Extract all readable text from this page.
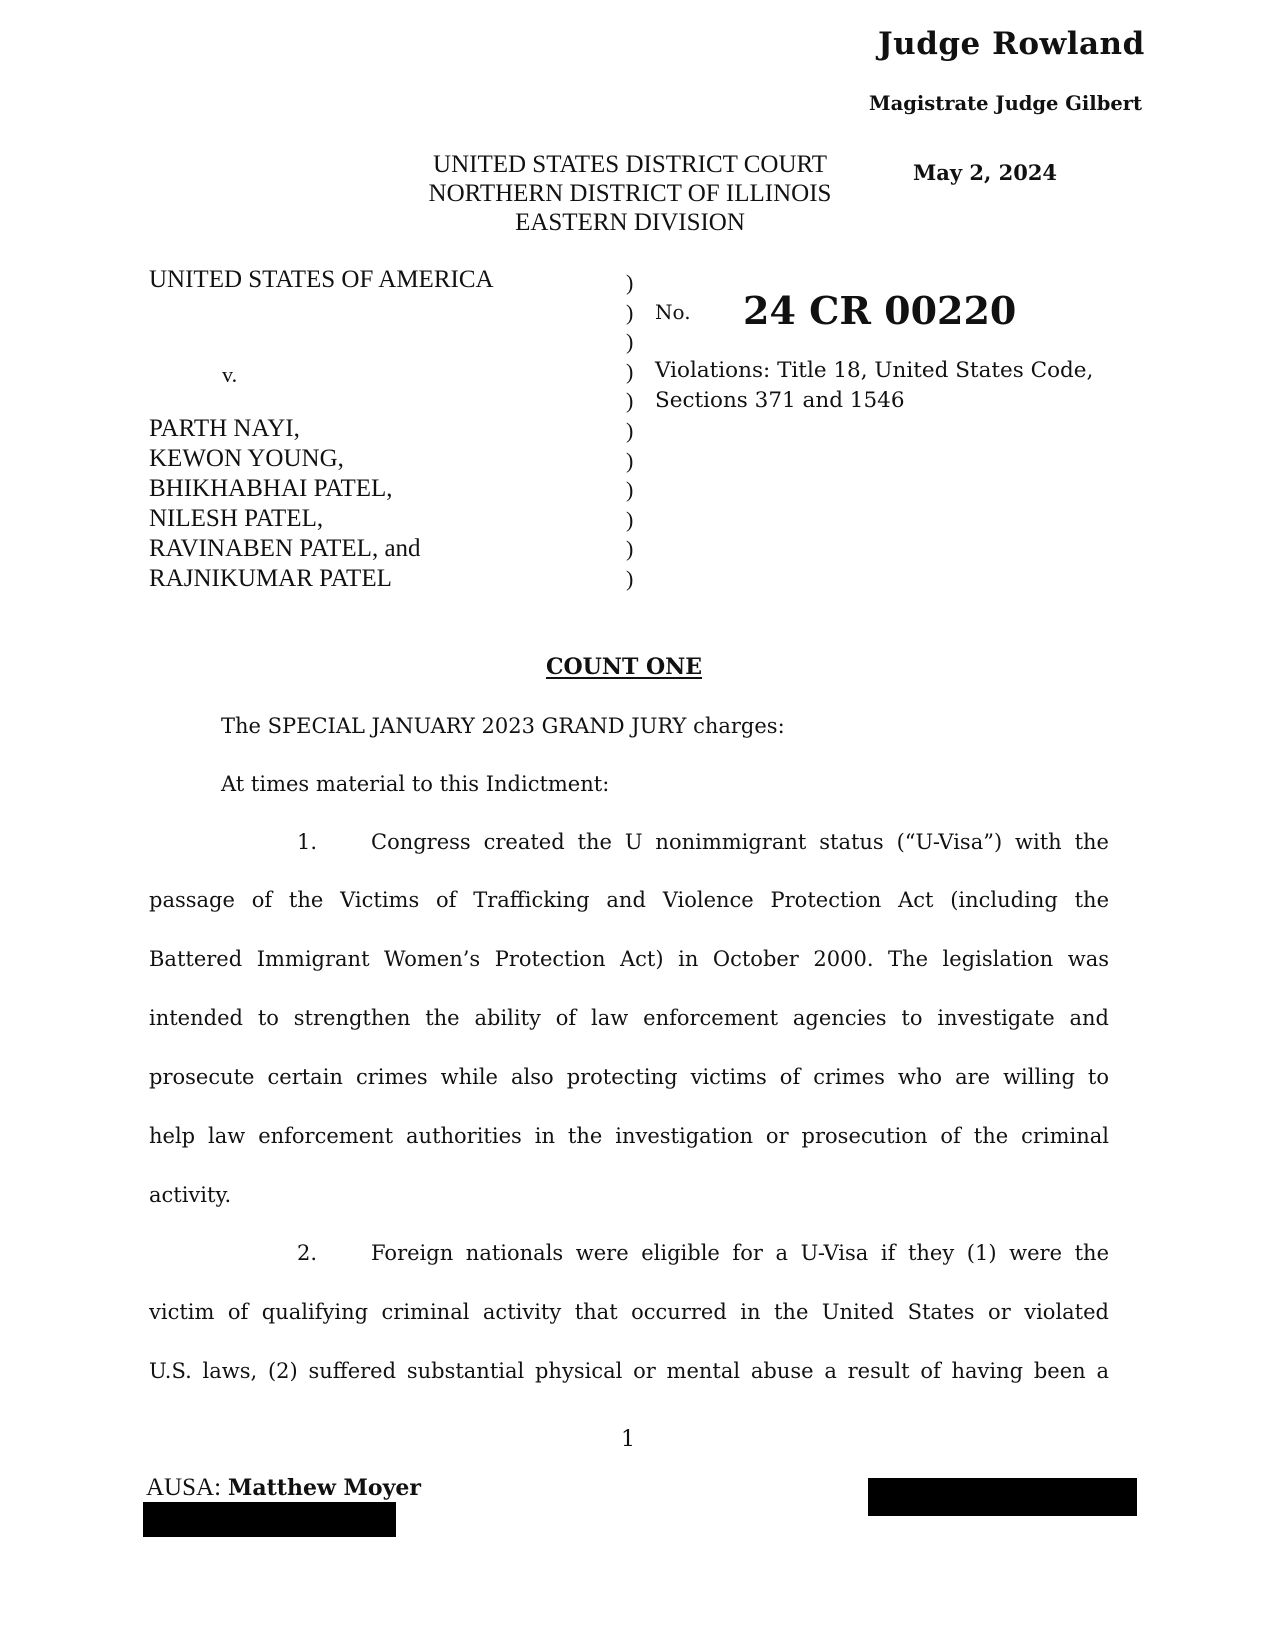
Judge Rowland
Magistrate Judge Gilbert
May 2, 2024
UNITED STATES DISTRICT COURT
NORTHERN DISTRICT OF ILLINOIS
EASTERN DIVISION
UNITED STATES OF AMERICA
v.
PARTH NAYI,
KEWON YOUNG,
BHIKHABHAI PATEL,
NILESH PATEL,
RAVINABEN PATEL, and
RAJNIKUMAR PATEL
)
)
)
)
)
)
)
)
)
)
)
No. 24 CR 00220
Violations: Title 18, United States Code,
Sections 371 and 1546
COUNT ONE
The SPECIAL JANUARY 2023 GRAND JURY charges:
At times material to this Indictment:
1.	Congress created the U nonimmigrant status (“U-Visa”) with the
passage of the Victims of Trafficking and Violence Protection Act (including the
Battered Immigrant Women’s Protection Act) in October 2000. The legislation was
intended to strengthen the ability of law enforcement agencies to investigate and
prosecute certain crimes while also protecting victims of crimes who are willing to
help law enforcement authorities in the investigation or prosecution of the criminal
activity.
2.	Foreign nationals were eligible for a U-Visa if they (1) were the
victim of qualifying criminal activity that occurred in the United States or violated
U.S. laws, (2) suffered substantial physical or mental abuse a result of having been a
1
AUSA: Matthew Moyer
